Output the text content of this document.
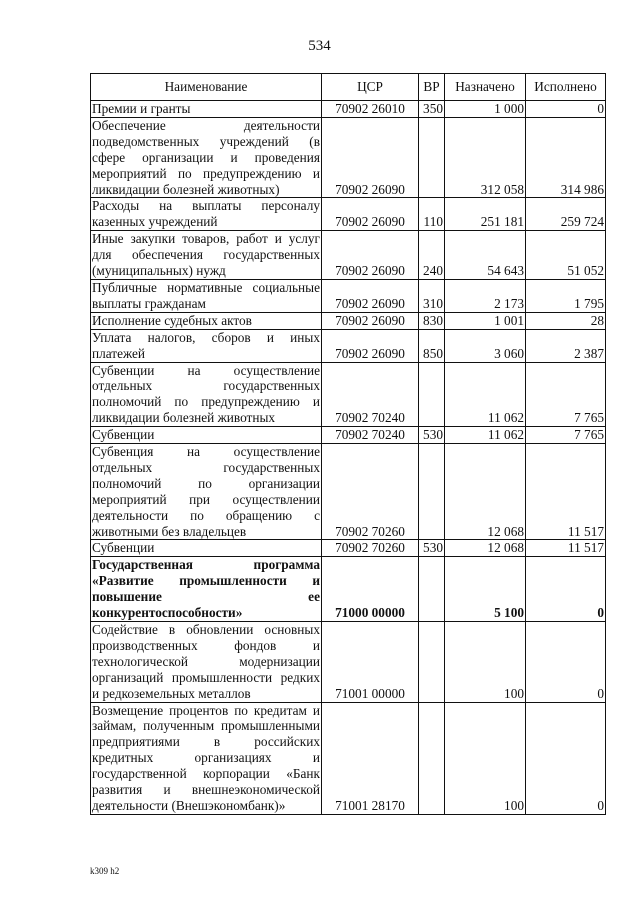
534
Наименование	ЦСР	ВР	Назначено	Исполнено
Премии и гранты	70902 26010	350	1 000	0
Обеспечение деятельности подведомственных учреждений (в сфере организации и проведения мероприятий по предупреждению и ликвидации болезней животных)	70902 26090		312 058	314 986
Расходы на выплаты персоналу казенных учреждений	70902 26090	110	251 181	259 724
Иные закупки товаров, работ и услуг для обеспечения государственных (муниципальных) нужд	70902 26090	240	54 643	51 052
Публичные нормативные социальные выплаты гражданам	70902 26090	310	2 173	1 795
Исполнение судебных актов	70902 26090	830	1 001	28
Уплата налогов, сборов и иных платежей	70902 26090	850	3 060	2 387
Субвенции на осуществление отдельных государственных полномочий по предупреждению и ликвидации болезней животных	70902 70240		11 062	7 765
Субвенции	70902 70240	530	11 062	7 765
Субвенция на осуществление отдельных государственных полномочий по организации мероприятий при осуществлении деятельности по обращению с животными без владельцев	70902 70260		12 068	11 517
Субвенции	70902 70260	530	12 068	11 517
Государственная программа «Развитие промышленности и повышение ее конкурентоспособности»	71000 00000		5 100	0
Содействие в обновлении основных производственных фондов и технологической модернизации организаций промышленности редких и редкоземельных металлов	71001 00000		100	0
Возмещение процентов по кредитам и займам, полученным промышленными предприятиями в российских кредитных организациях и государственной корпорации «Банк развития и внешнеэкономической деятельности (Внешэкономбанк)»	71001 28170		100	0
k309 h2
